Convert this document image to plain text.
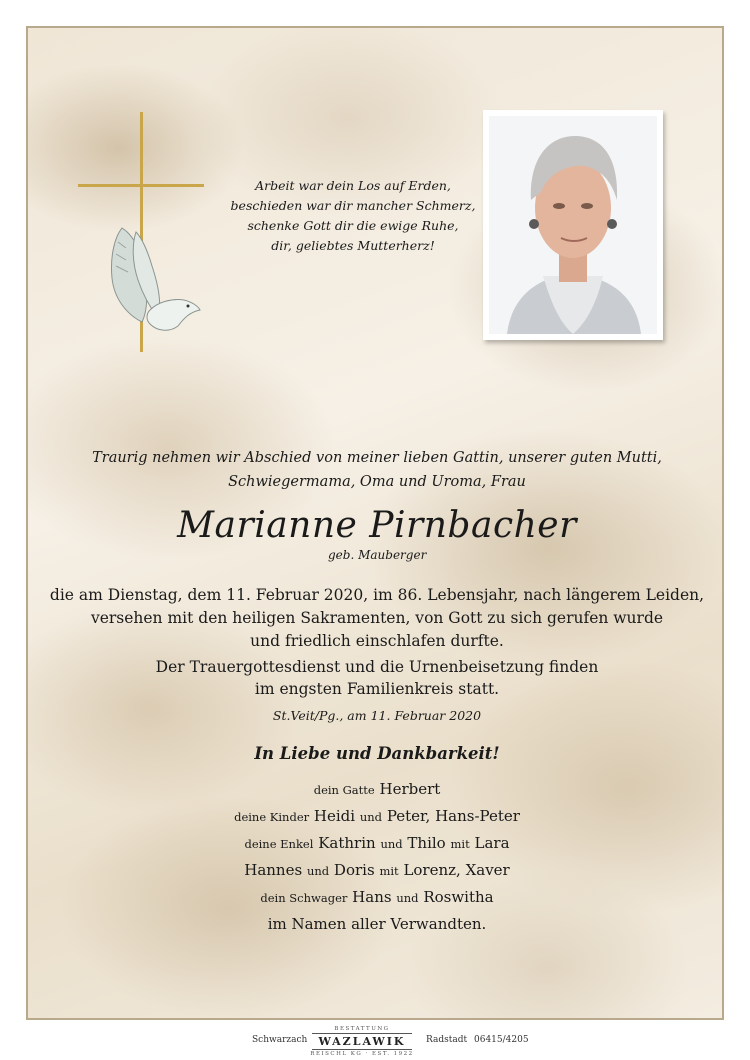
Arbeit war dein Los auf Erden,
beschieden war dir mancher Schmerz,
schenke Gott dir die ewige Ruhe,
dir, geliebtes Mutterherz!
Traurig nehmen wir Abschied von meiner lieben Gattin, unserer guten Mutti,
Schwiegermama, Oma und Uroma, Frau
Marianne Pirnbacher
geb. Mauberger
die am Dienstag, dem 11. Februar 2020, im 86. Lebensjahr, nach längerem Leiden,
versehen mit den heiligen Sakramenten, von Gott zu sich gerufen wurde
und friedlich einschlafen durfte.
Der Trauergottesdienst und die Urnenbeisetzung finden
im engsten Familienkreis statt.
St.Veit/Pg., am 11. Februar 2020
In Liebe und Dankbarkeit!
dein Gatte Herbert
deine Kinder Heidi und Peter, Hans-Peter
deine Enkel Kathrin und Thilo mit Lara
Hannes und Doris mit Lorenz, Xaver
dein Schwager Hans und Roswitha
im Namen aller Verwandten.
Schwarzach
BESTATTUNG
WAZLAWIK
REISCHL KG · EST. 1922
Radstadt 06415/4205
